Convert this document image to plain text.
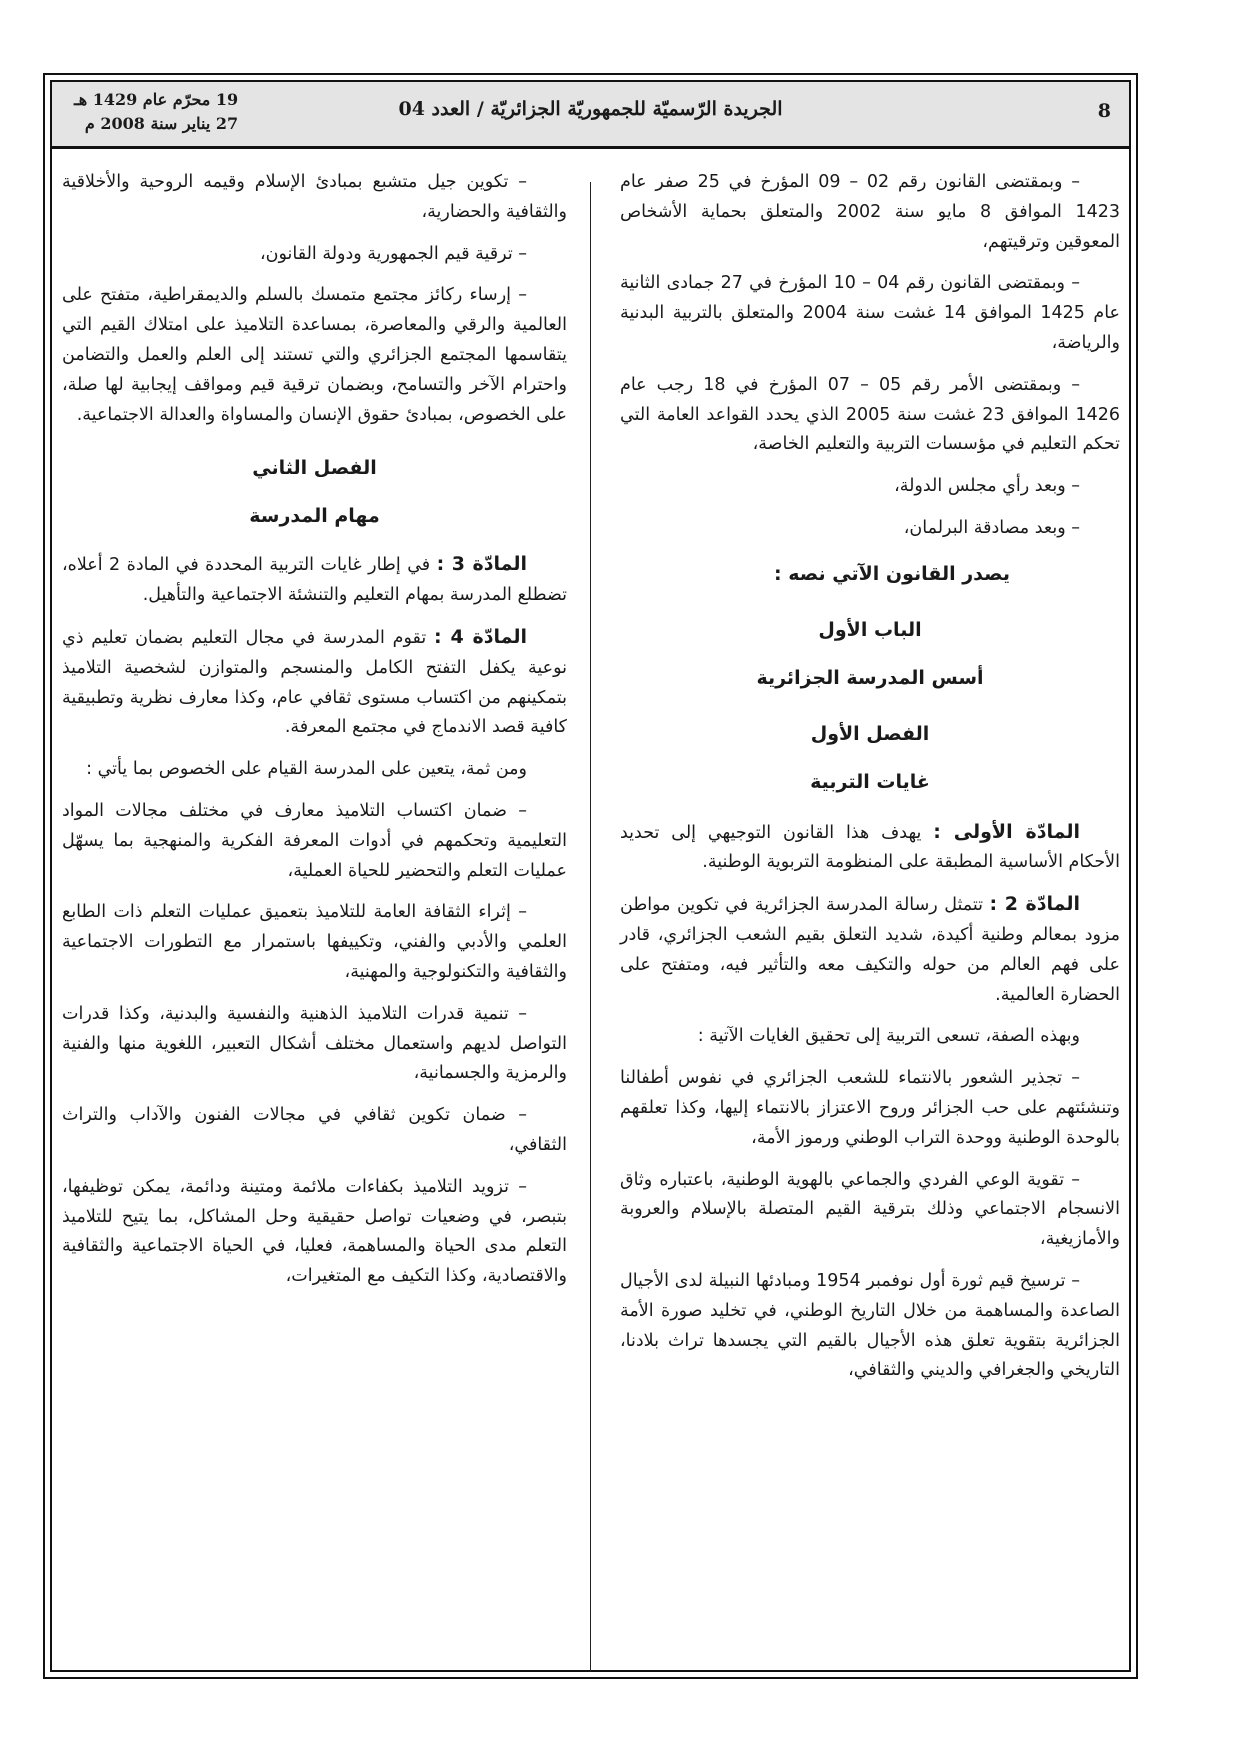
8
الجريدة الرّسميّة للجمهوريّة الجزائريّة / العدد 04
19 محرّم عام 1429 هـ
27 يناير سنة 2008 م

– وبمقتضى القانون رقم 02 – 09 المؤرخ في 25 صفر عام 1423 الموافق 8 مايو سنة 2002 والمتعلق بحماية الأشخاص المعوقين وترقيتهم،

– وبمقتضى القانون رقم 04 – 10 المؤرخ في 27 جمادى الثانية عام 1425 الموافق 14 غشت سنة 2004 والمتعلق بالتربية البدنية والرياضة،

– وبمقتضى الأمر رقم 05 – 07 المؤرخ في 18 رجب عام 1426 الموافق 23 غشت سنة 2005 الذي يحدد القواعد العامة التي تحكم التعليم في مؤسسات التربية والتعليم الخاصة،

– وبعد رأي مجلس الدولة،

– وبعد مصادقة البرلمان،

يصدر القانون الآتي نصه :

الباب الأول

أسس المدرسة الجزائرية

الفصل الأول

غايات التربية

المادّة الأولى : يهدف هذا القانون التوجيهي إلى تحديد الأحكام الأساسية المطبقة على المنظومة التربوية الوطنية.

المادّة 2 : تتمثل رسالة المدرسة الجزائرية في تكوين مواطن مزود بمعالم وطنية أكيدة، شديد التعلق بقيم الشعب الجزائري، قادر على فهم العالم من حوله والتكيف معه والتأثير فيه، ومتفتح على الحضارة العالمية.

وبهذه الصفة، تسعى التربية إلى تحقيق الغايات الآتية :

– تجذير الشعور بالانتماء للشعب الجزائري في نفوس أطفالنا وتنشئتهم على حب الجزائر وروح الاعتزاز بالانتماء إليها، وكذا تعلقهم بالوحدة الوطنية ووحدة التراب الوطني ورموز الأمة،

– تقوية الوعي الفردي والجماعي بالهوية الوطنية، باعتباره وثاق الانسجام الاجتماعي وذلك بترقية القيم المتصلة بالإسلام والعروبة والأمازيغية،

– ترسيخ قيم ثورة أول نوفمبر 1954 ومبادئها النبيلة لدى الأجيال الصاعدة والمساهمة من خلال التاريخ الوطني، في تخليد صورة الأمة الجزائرية بتقوية تعلق هذه الأجيال بالقيم التي يجسدها تراث بلادنا، التاريخي والجغرافي والديني والثقافي،

– تكوين جيل متشبع بمبادئ الإسلام وقيمه الروحية والأخلاقية والثقافية والحضارية،

– ترقية قيم الجمهورية ودولة القانون،

– إرساء ركائز مجتمع متمسك بالسلم والديمقراطية، متفتح على العالمية والرقي والمعاصرة، بمساعدة التلاميذ على امتلاك القيم التي يتقاسمها المجتمع الجزائري والتي تستند إلى العلم والعمل والتضامن واحترام الآخر والتسامح، وبضمان ترقية قيم ومواقف إيجابية لها صلة، على الخصوص، بمبادئ حقوق الإنسان والمساواة والعدالة الاجتماعية.

الفصل الثاني

مهام المدرسة

المادّة 3 : في إطار غايات التربية المحددة في المادة 2 أعلاه، تضطلع المدرسة بمهام التعليم والتنشئة الاجتماعية والتأهيل.

المادّة 4 : تقوم المدرسة في مجال التعليم بضمان تعليم ذي نوعية يكفل التفتح الكامل والمنسجم والمتوازن لشخصية التلاميذ بتمكينهم من اكتساب مستوى ثقافي عام، وكذا معارف نظرية وتطبيقية كافية قصد الاندماج في مجتمع المعرفة.

ومن ثمة، يتعين على المدرسة القيام على الخصوص بما يأتي :

– ضمان اكتساب التلاميذ معارف في مختلف مجالات المواد التعليمية وتحكمهم في أدوات المعرفة الفكرية والمنهجية بما يسهّل عمليات التعلم والتحضير للحياة العملية،

– إثراء الثقافة العامة للتلاميذ بتعميق عمليات التعلم ذات الطابع العلمي والأدبي والفني، وتكييفها باستمرار مع التطورات الاجتماعية والثقافية والتكنولوجية والمهنية،

– تنمية قدرات التلاميذ الذهنية والنفسية والبدنية، وكذا قدرات التواصل لديهم واستعمال مختلف أشكال التعبير، اللغوية منها والفنية والرمزية والجسمانية،

– ضمان تكوين ثقافي في مجالات الفنون والآداب والتراث الثقافي،

– تزويد التلاميذ بكفاءات ملائمة ومتينة ودائمة، يمكن توظيفها، بتبصر، في وضعيات تواصل حقيقية وحل المشاكل، بما يتيح للتلاميذ التعلم مدى الحياة والمساهمة، فعليا، في الحياة الاجتماعية والثقافية والاقتصادية، وكذا التكيف مع المتغيرات،
